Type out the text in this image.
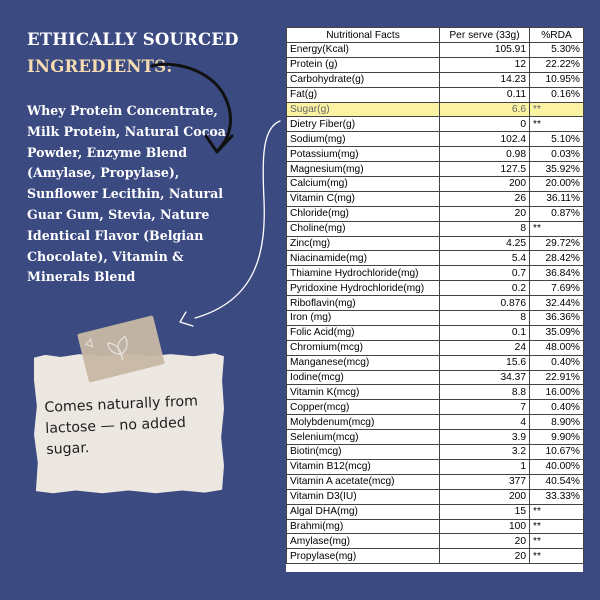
ETHICALLY SOURCED
INGREDIENTS:
Whey Protein Concentrate, Milk Protein, Natural Cocoa Powder, Enzyme Blend (Amylase, Propylase), Sunflower Lecithin, Natural Guar Gum, Stevia, Nature Identical Flavor (Belgian Chocolate), Vitamin & Minerals Blend
Comes naturally from lactose — no added sugar.
Nutritional Facts	Per serve (33g)	%RDA
Energy(Kcal)	105.91	5.30%
Protein (g)	12	22.22%
Carbohydrate(g)	14.23	10.95%
Fat(g)	0.11	0.16%
Sugar(g)	6.6	**
Dietry Fiber(g)	0	**
Sodium(mg)	102.4	5.10%
Potassium(mg)	0.98	0.03%
Magnesium(mg)	127.5	35.92%
Calcium(mg)	200	20.00%
Vitamin C(mg)	26	36.11%
Chloride(mg)	20	0.87%
Choline(mg)	8	**
Zinc(mg)	4.25	29.72%
Niacinamide(mg)	5.4	28.42%
Thiamine Hydrochloride(mg)	0.7	36.84%
Pyridoxine Hydrochloride(mg)	0.2	7.69%
Riboflavin(mg)	0.876	32.44%
Iron (mg)	8	36.36%
Folic Acid(mg)	0.1	35.09%
Chromium(mcg)	24	48.00%
Manganese(mcg)	15.6	0.40%
Iodine(mcg)	34.37	22.91%
Vitamin K(mcg)	8.8	16.00%
Copper(mcg)	7	0.40%
Molybdenum(mcg)	4	8.90%
Selenium(mcg)	3.9	9.90%
Biotin(mcg)	3.2	10.67%
Vitamin B12(mcg)	1	40.00%
Vitamin A acetate(mcg)	377	40.54%
Vitamin D3(IU)	200	33.33%
Algal DHA(mg)	15	**
Brahmi(mg)	100	**
Amylase(mg)	20	**
Propylase(mg)	20	**
